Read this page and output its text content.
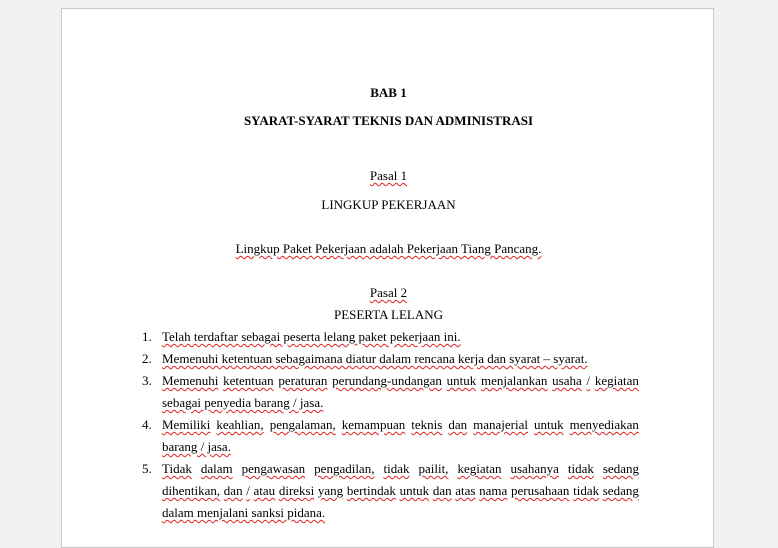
BAB 1
SYARAT-SYARAT TEKNIS DAN ADMINISTRASI
Pasal 1
LINGKUP PEKERJAAN
Lingkup Paket Pekerjaan adalah Pekerjaan Tiang Pancang.
Pasal 2
PESERTA LELANG
1. Telah terdaftar sebagai peserta lelang paket pekerjaan ini.
2. Memenuhi ketentuan sebagaimana diatur dalam rencana kerja dan syarat – syarat.
3. Memenuhi ketentuan peraturan perundang-undangan untuk menjalankan usaha / kegiatan
sebagai penyedia barang / jasa.
4. Memiliki keahlian, pengalaman, kemampuan teknis dan manajerial untuk menyediakan
barang / jasa.
5. Tidak dalam pengawasan pengadilan, tidak pailit, kegiatan usahanya tidak sedang
dihentikan, dan / atau direksi yang bertindak untuk dan atas nama perusahaan tidak sedang
dalam menjalani sanksi pidana.
